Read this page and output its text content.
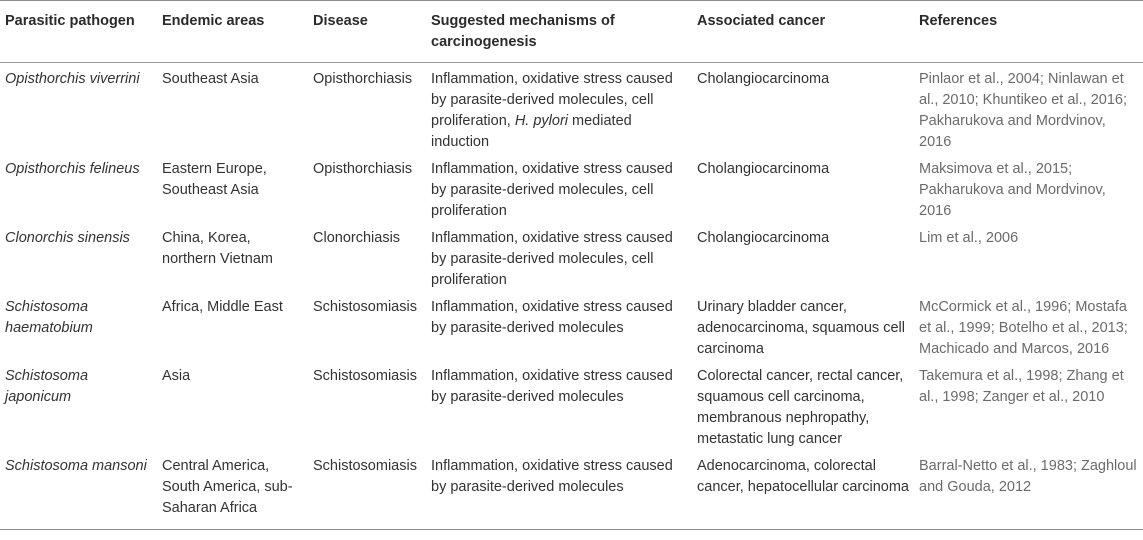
Parasitic pathogen	Endemic areas	Disease	Suggested mechanisms of carcinogenesis	Associated cancer	References
Opisthorchis viverrini	Southeast Asia	Opisthorchiasis	Inflammation, oxidative stress caused by parasite-derived molecules, cell proliferation, H. pylori mediated induction	Cholangiocarcinoma	Pinlaor et al., 2004; Ninlawan et al., 2010; Khuntikeo et al., 2016; Pakharukova and Mordvinov, 2016
Opisthorchis felineus	Eastern Europe, Southeast Asia	Opisthorchiasis	Inflammation, oxidative stress caused by parasite-derived molecules, cell proliferation	Cholangiocarcinoma	Maksimova et al., 2015; Pakharukova and Mordvinov, 2016
Clonorchis sinensis	China, Korea, northern Vietnam	Clonorchiasis	Inflammation, oxidative stress caused by parasite-derived molecules, cell proliferation	Cholangiocarcinoma	Lim et al., 2006
Schistosoma haematobium	Africa, Middle East	Schistosomiasis	Inflammation, oxidative stress caused by parasite-derived molecules	Urinary bladder cancer, adenocarcinoma, squamous cell carcinoma	McCormick et al., 1996; Mostafa et al., 1999; Botelho et al., 2013; Machicado and Marcos, 2016
Schistosoma japonicum	Asia	Schistosomiasis	Inflammation, oxidative stress caused by parasite-derived molecules	Colorectal cancer, rectal cancer, squamous cell carcinoma, membranous nephropathy, metastatic lung cancer	Takemura et al., 1998; Zhang et al., 1998; Zanger et al., 2010
Schistosoma mansoni	Central America, South America, sub-Saharan Africa	Schistosomiasis	Inflammation, oxidative stress caused by parasite-derived molecules	Adenocarcinoma, colorectal cancer, hepatocellular carcinoma	Barral-Netto et al., 1983; Zaghloul and Gouda, 2012
